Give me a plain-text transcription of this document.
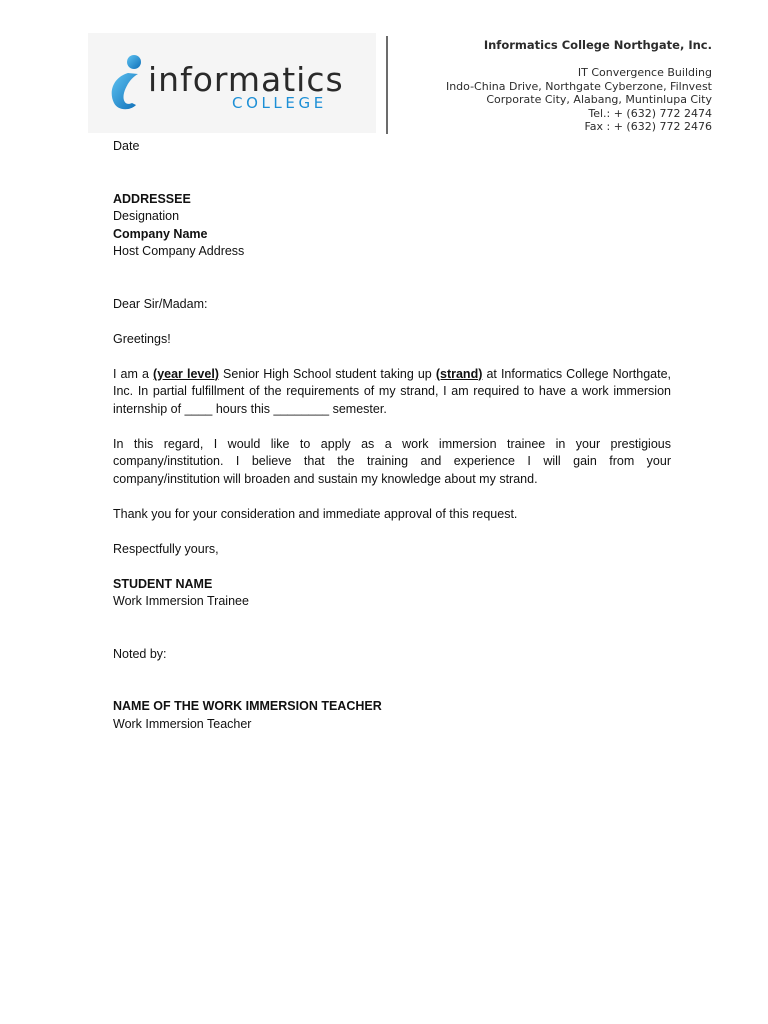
informatics
COLLEGE
Informatics College Northgate, Inc.
IT Convergence Building
Indo-China Drive, Northgate Cyberzone, Filnvest
Corporate City, Alabang, Muntinlupa City
Tel.: + (632) 772 2474
Fax : + (632) 772 2476

Date

ADDRESSEE

Designation

Company Name

Host Company Address

Dear Sir/Madam:

Greetings!

I am a (year level) Senior High School student taking up (strand) at Informatics College Northgate, Inc. In partial fulfillment of the requirements of my strand, I am required to have a work immersion internship of ____ hours this ________ semester.

In this regard, I would like to apply as a work immersion trainee in your prestigious company/institution. I believe that the training and experience I will gain from your company/institution will broaden and sustain my knowledge about my strand.

Thank you for your consideration and immediate approval of this request.

Respectfully yours,

STUDENT NAME

Work Immersion Trainee

Noted by:

NAME OF THE WORK IMMERSION TEACHER

Work Immersion Teacher
